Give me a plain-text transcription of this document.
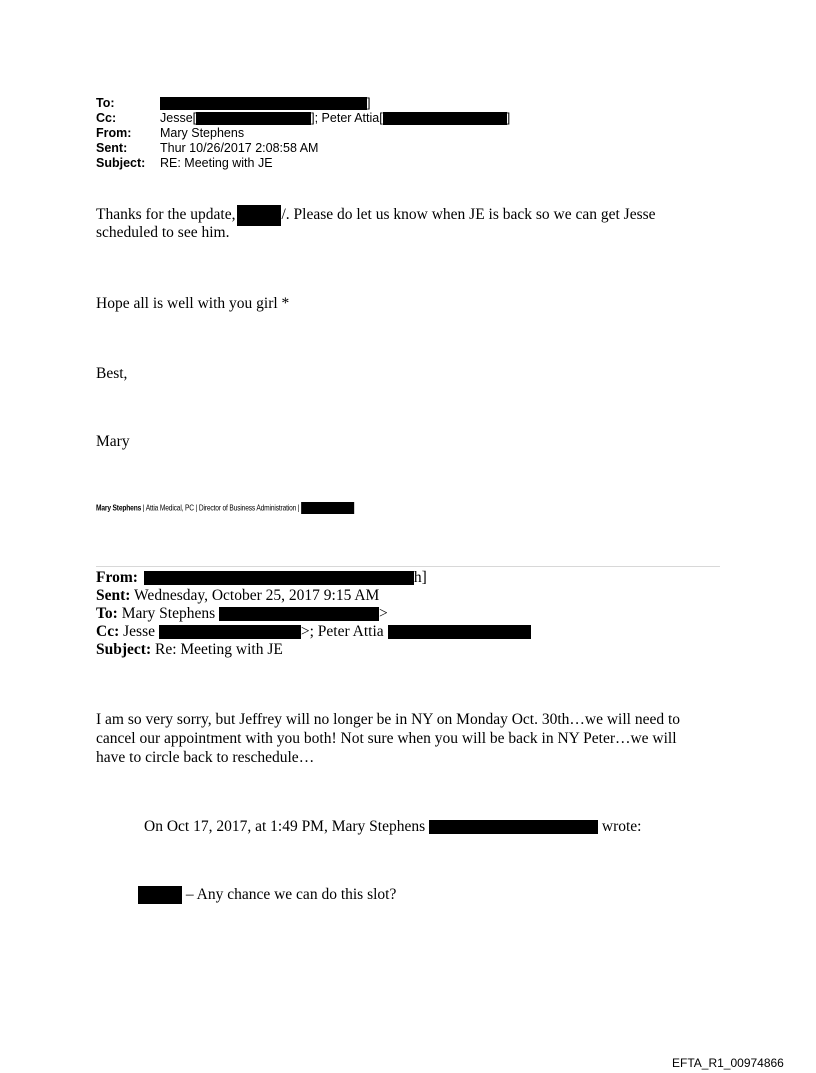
To:	]
Cc:	Jesse[	]; Peter Attia[	]
From: Mary Stephens
Sent:	Thur 10/26/2017 2:08:58 AM
Subject: RE: Meeting with JE
Thanks for the update,	/. Please do let us know when JE is back so we can get Jesse
scheduled to see him.
Hope all is well with you girl *
Best,
Mary
Mary Stephens | Attia Medical, PC | Director of Business Administration |
From:	h]
Sent: Wednesday, October 25, 2017 9:15 AM
To: Mary Stephens	>
Cc: Jesse	>; Peter Attia
Subject: Re: Meeting with JE
I am so very sorry, but Jeffrey will no longer be in NY on Monday Oct. 30th…we will need to
cancel our appointment with you both! Not sure when you will be back in NY Peter…we will
have to circle back to reschedule…
On Oct 17, 2017, at 1:49 PM, Mary Stephens	wrote:
– Any chance we can do this slot?
EFTA_R1_00974866
